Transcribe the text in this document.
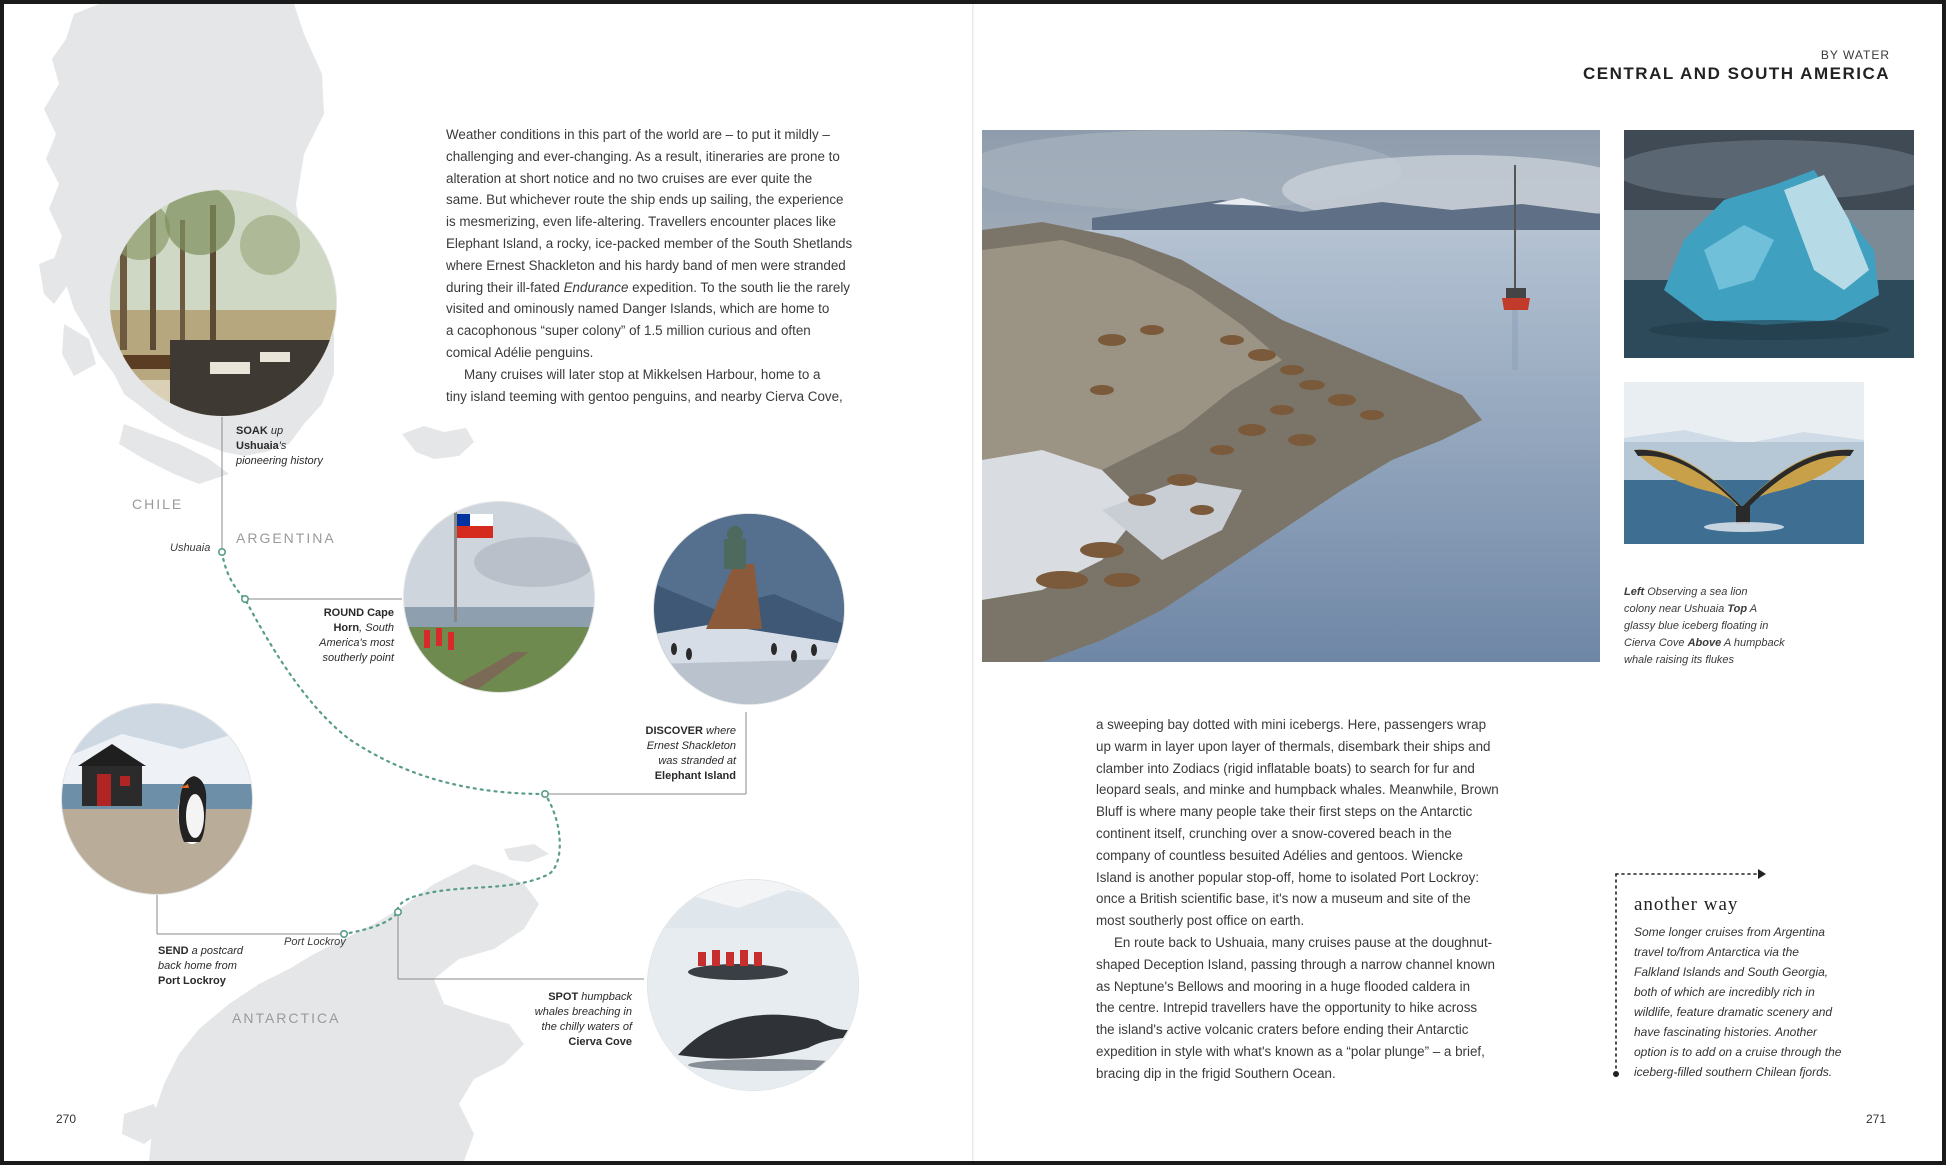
CHILE
ARGENTINA
ANTARCTICA
Ushuaia
Port Lockroy
SOAK up
Ushuaia's
pioneering history
ROUND Cape Horn, South
America's most
southerly point
DISCOVER where
Ernest Shackleton
was stranded at
Elephant Island
SEND a postcard
back home from
Port Lockroy
SPOT humpback
whales breaching in
the chilly waters of
Cierva Cove

Weather conditions in this part of the world are – to put it mildly –

challenging and ever-changing. As a result, itineraries are prone to

alteration at short notice and no two cruises are ever quite the

same. But whichever route the ship ends up sailing, the experience

is mesmerizing, even life-altering. Travellers encounter places like

Elephant Island, a rocky, ice-packed member of the South Shetlands

where Ernest Shackleton and his hardy band of men were stranded

during their ill-fated Endurance expedition. To the south lie the rarely

visited and ominously named Danger Islands, which are home to

a cacophonous “super colony” of 1.5 million curious and often

comical Adélie penguins.

Many cruises will later stop at Mikkelsen Harbour, home to a

tiny island teeming with gentoo penguins, and nearby Cierva Cove,

270
BY WATER
CENTRAL AND SOUTH AMERICA
Left Observing a sea lion
colony near Ushuaia Top A
glassy blue iceberg floating in
Cierva Cove Above A humpback
whale raising its flukes

a sweeping bay dotted with mini icebergs. Here, passengers wrap

up warm in layer upon layer of thermals, disembark their ships and

clamber into Zodiacs (rigid inflatable boats) to search for fur and

leopard seals, and minke and humpback whales. Meanwhile, Brown

Bluff is where many people take their first steps on the Antarctic

continent itself, crunching over a snow-covered beach in the

company of countless besuited Adélies and gentoos. Wiencke

Island is another popular stop-off, home to isolated Port Lockroy:

once a British scientific base, it's now a museum and site of the

most southerly post office on earth.

En route back to Ushuaia, many cruises pause at the doughnut-

shaped Deception Island, passing through a narrow channel known

as Neptune's Bellows and mooring in a huge flooded caldera in

the centre. Intrepid travellers have the opportunity to hike across

the island's active volcanic craters before ending their Antarctic

expedition in style with what's known as a “polar plunge” – a brief,

bracing dip in the frigid Southern Ocean.

another way
Some longer cruises from Argentina
travel to/from Antarctica via the
Falkland Islands and South Georgia,
both of which are incredibly rich in
wildlife, feature dramatic scenery and
have fascinating histories. Another
option is to add on a cruise through the
iceberg-filled southern Chilean fjords.
271
